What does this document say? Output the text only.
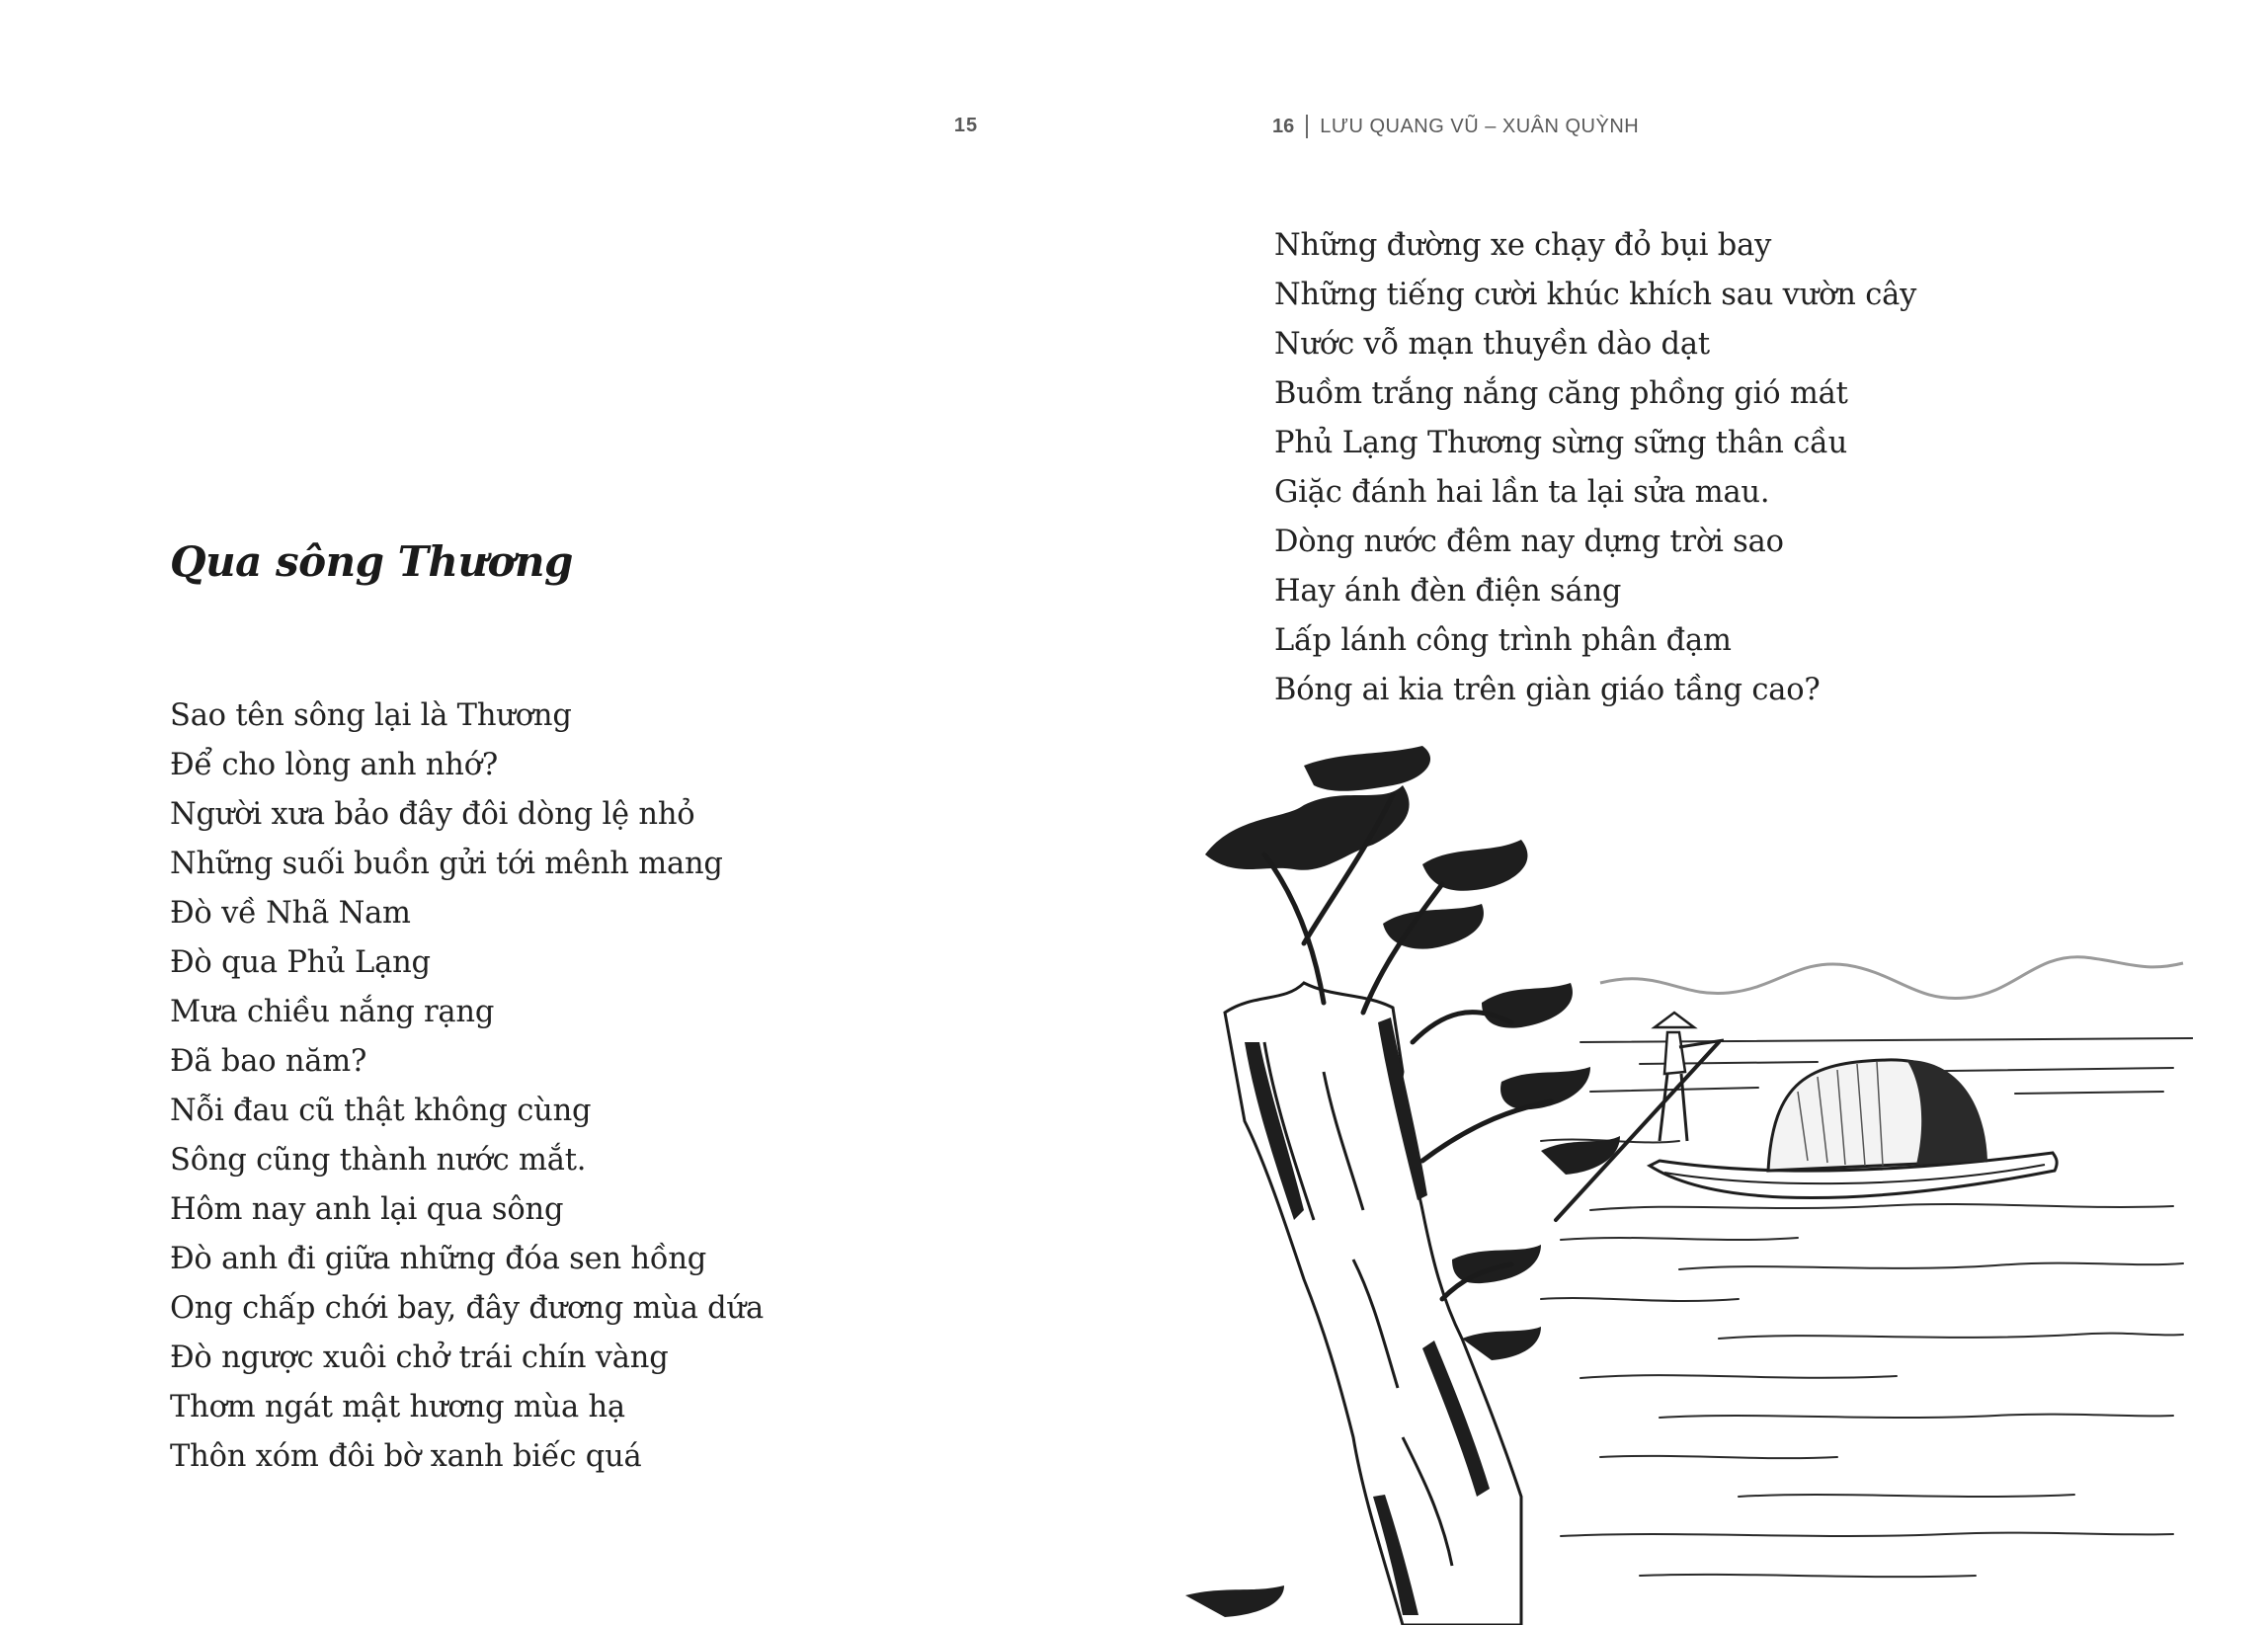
15	16 LƯU QUANG VŨ – XUÂN QUỲNH
Qua sông Thương
Sao tên sông lại là Thương
Để cho lòng anh nhớ?
Người xưa bảo đây đôi dòng lệ nhỏ
Những suối buồn gửi tới mênh mang
Đò về Nhã Nam
Đò qua Phủ Lạng
Mưa chiều nắng rạng
Đã bao năm?
Nỗi đau cũ thật không cùng
Sông cũng thành nước mắt.
Hôm nay anh lại qua sông
Đò anh đi giữa những đóa sen hồng
Ong chấp chới bay, đây đương mùa dứa
Đò ngược xuôi chở trái chín vàng
Thơm ngát mật hương mùa hạ
Thôn xóm đôi bờ xanh biếc quá
Những đường xe chạy đỏ bụi bay
Những tiếng cười khúc khích sau vườn cây
Nước vỗ mạn thuyền dào dạt
Buồm trắng nắng căng phồng gió mát
Phủ Lạng Thương sừng sững thân cầu
Giặc đánh hai lần ta lại sửa mau.
Dòng nước đêm nay dựng trời sao
Hay ánh đèn điện sáng
Lấp lánh công trình phân đạm
Bóng ai kia trên giàn giáo tầng cao?
